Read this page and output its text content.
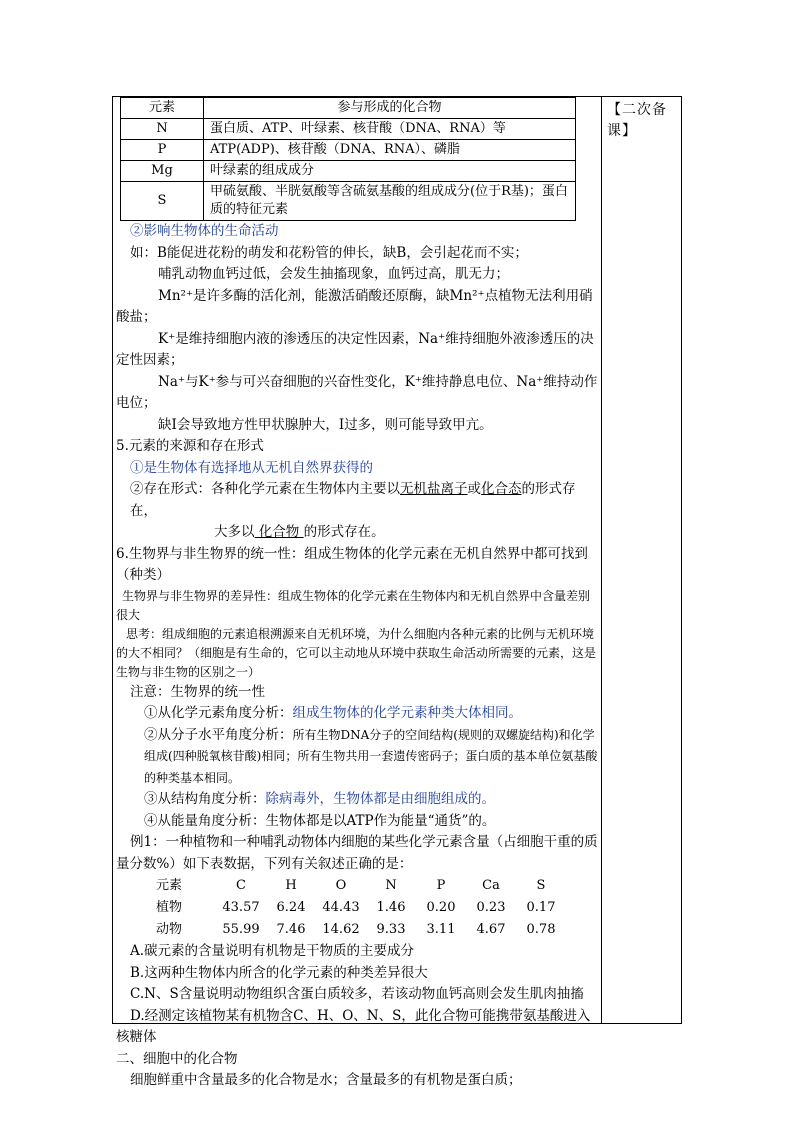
【二次备课】
元素	参与形成的化合物
N	蛋白质、ATP、叶绿素、核苷酸（DNA、RNA）等
P	ATP(ADP)、核苷酸（DNA、RNA）、磷脂
Mg	叶绿素的组成成分
S	甲硫氨酸、半胱氨酸等含硫氨基酸的组成成分(位于R基)；蛋白质的特征元素

②影响生物体的生命活动

如：B能促进花粉的萌发和花粉管的伸长，缺B，会引起花而不实；

哺乳动物血钙过低，会发生抽搐现象，血钙过高，肌无力；

Mn²⁺是许多酶的活化剂，能激活硝酸还原酶，缺Mn²⁺点植物无法利用硝酸盐；

K⁺是维持细胞内液的渗透压的决定性因素，Na⁺维持细胞外液渗透压的决定性因素；

Na⁺与K⁺参与可兴奋细胞的兴奋性变化，K⁺维持静息电位、Na⁺维持动作电位；

缺I会导致地方性甲状腺肿大，I过多，则可能导致甲亢。

5.元素的来源和存在形式

①是生物体有选择地从无机自然界获得的

②存在形式：各种化学元素在生物体内主要以无机盐离子或化合态的形式存在，

大多以 化合物 的形式存在。

6.生物界与非生物界的统一性：组成生物体的化学元素在无机自然界中都可找到（种类）

生物界与非生物界的差异性：组成生物体的化学元素在生物体内和无机自然界中含量差别很大

思考：组成细胞的元素追根溯源来自无机环境，为什么细胞内各种元素的比例与无机环境的大不相同？（细胞是有生命的，它可以主动地从环境中获取生命活动所需要的元素，这是生物与非生物的区别之一）

注意：生物界的统一性

①从化学元素角度分析：组成生物体的化学元素种类大体相同。

②从分子水平角度分析：所有生物DNA分子的空间结构(规则的双螺旋结构)和化学组成(四种脱氧核苷酸)相同；所有生物共用一套遗传密码子；蛋白质的基本单位氨基酸的种类基本相同。

③从结构角度分析：除病毒外，生物体都是由细胞组成的。

④从能量角度分析：生物体都是以ATP作为能量“通货”的。

例1：一种植物和一种哺乳动物体内细胞的某些化学元素含量（占细胞干重的质量分数%）如下表数据，下列有关叙述正确的是：

元素	C	H	O	N	P	Ca	S
植物	43.57	6.24	44.43	1.46	0.20	0.23	0.17
动物	55.99	7.46	14.62	9.33	3.11	4.67	0.78

A.碳元素的含量说明有机物是干物质的主要成分

B.这两种生物体内所含的化学元素的种类差异很大

C.N、S含量说明动物组织含蛋白质较多，若该动物血钙高则会发生肌肉抽搐

D.经测定该植物某有机物含C、H、O、N、S，此化合物可能携带氨基酸进入核糖体

二、细胞中的化合物

细胞鲜重中含量最多的化合物是水；含量最多的有机物是蛋白质；
